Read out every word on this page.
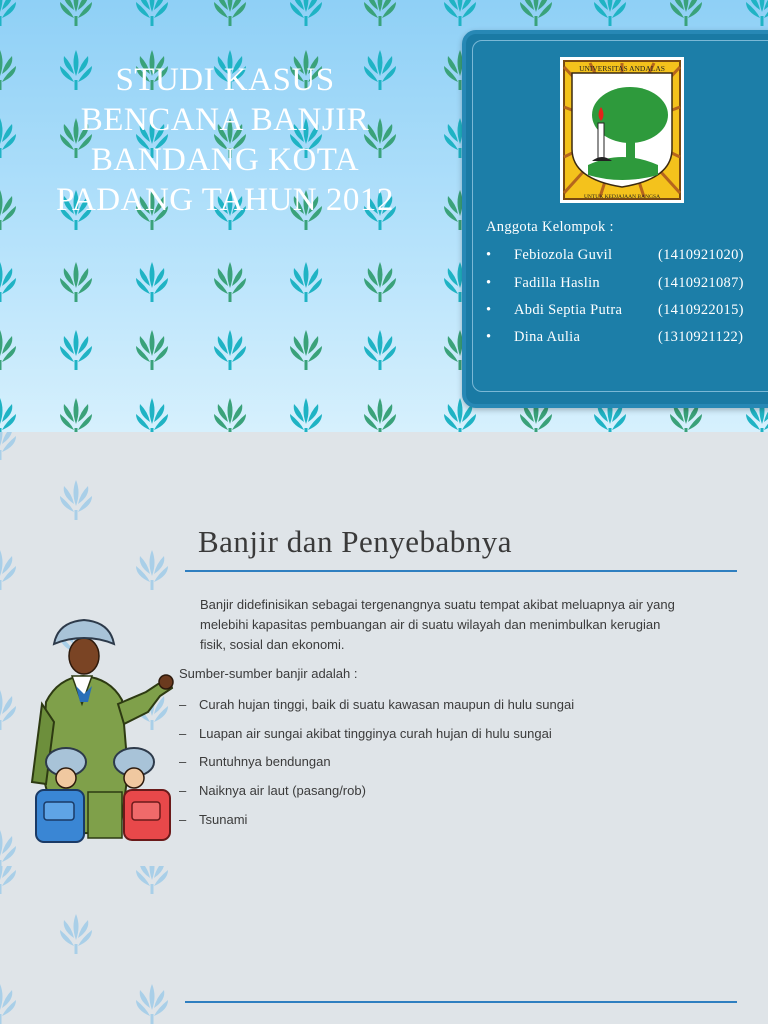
STUDI KASUS
BENCANA BANJIR
BANDANG KOTA
PADANG TAHUN 2012
UNIVERSITAS ANDALAS
UNTUK KEDJAJAAN BANGSA
Anggota Kelompok :
• Febiozola Guvil	(1410921020)
• Fadilla Haslin	(1410921087)
• Abdi Septia Putra (1410922015)
• Dina Aulia	(1310921122)
Banjir dan Penyebabnya
Banjir didefinisikan sebagai tergenangnya suatu tempat akibat meluapnya air yang
melebihi kapasitas pembuangan air di suatu wilayah dan menimbulkan kerugian
fisik, sosial dan ekonomi.
Sumber-sumber banjir adalah :
– Curah hujan tinggi, baik di suatu kawasan maupun di hulu sungai
– Luapan air sungai akibat tingginya curah hujan di hulu sungai
– Runtuhnya bendungan
– Naiknya air laut (pasang/rob)
– Tsunami
